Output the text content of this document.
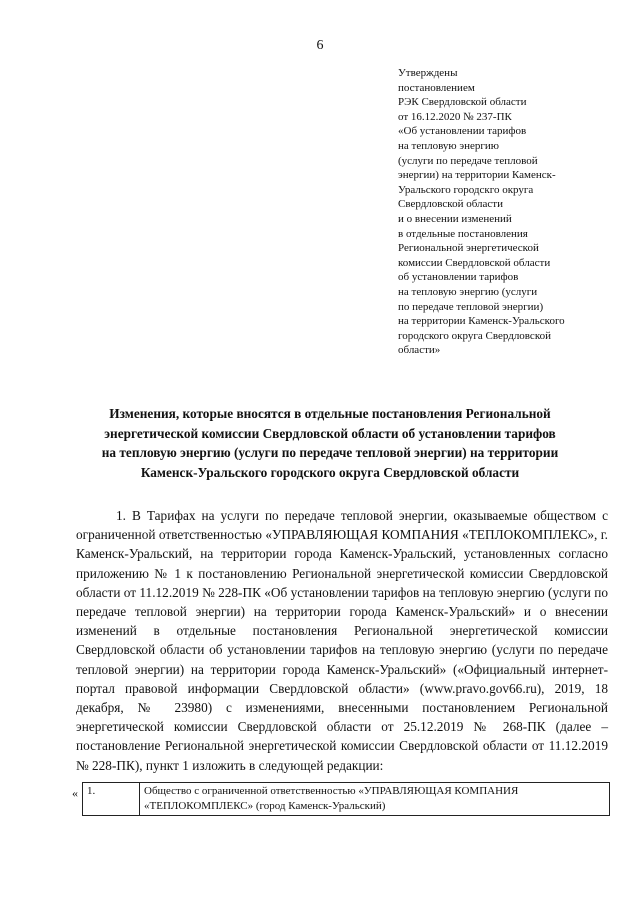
6
Утверждены
постановлением
РЭК Свердловской области
от 16.12.2020 № 237-ПК
«Об установлении тарифов
на тепловую энергию
(услуги по передаче тепловой
энергии) на территории Каменск-
Уральского городскго округа
Свердловской области
и о внесении изменений
в отдельные постановления
Региональной энергетической
комиссии Свердловской области
об установлении тарифов
на тепловую энергию (услуги
по передаче тепловой энергии)
на территории Каменск-Уральского
городского округа Свердловской
области»
Изменения, которые вносятся в отдельные постановления Региональной
энергетической комиссии Свердловской области об установлении тарифов
на тепловую энергию (услуги по передаче тепловой энергии) на территории
Каменск-Уральского городского округа Свердловской области

1. В Тарифах на услуги по передаче тепловой энергии, оказываемые обществом с ограниченной ответственностью «УПРАВЛЯЮЩАЯ КОМПАНИЯ «ТЕПЛОКОМПЛЕКС», г. Каменск-Уральский, на территории города Каменск-Уральский, установленных согласно приложению № 1 к постановлению Региональной энергетической комиссии Свердловской области от 11.12.2019 № 228-ПК «Об установлении тарифов на тепловую энергию (услуги по передаче тепловой энергии) на территории города Каменск-Уральский» и о внесении изменений в отдельные постановления Региональной энергетической комиссии Свердловской области об установлении тарифов на тепловую энергию (услуги по передаче тепловой энергии) на территории города Каменск-Уральский» («Официальный интернет-портал правовой информации Свердловской области» (www.pravo.gov66.ru), 2019, 18 декабря, № 23980) с изменениями, внесенными постановлением Региональной энергетической комиссии Свердловской области от 25.12.2019 № 268-ПК (далее – постановление Региональной энергетической комиссии Свердловской области от 11.12.2019 № 228-ПК), пункт 1 изложить в следующей редакции:

« 1.	Общество с ограниченной ответственностью «УПРАВЛЯЮЩАЯ КОМПАНИЯ «ТЕПЛОКОМПЛЕКС» (город Каменск-Уральский)
